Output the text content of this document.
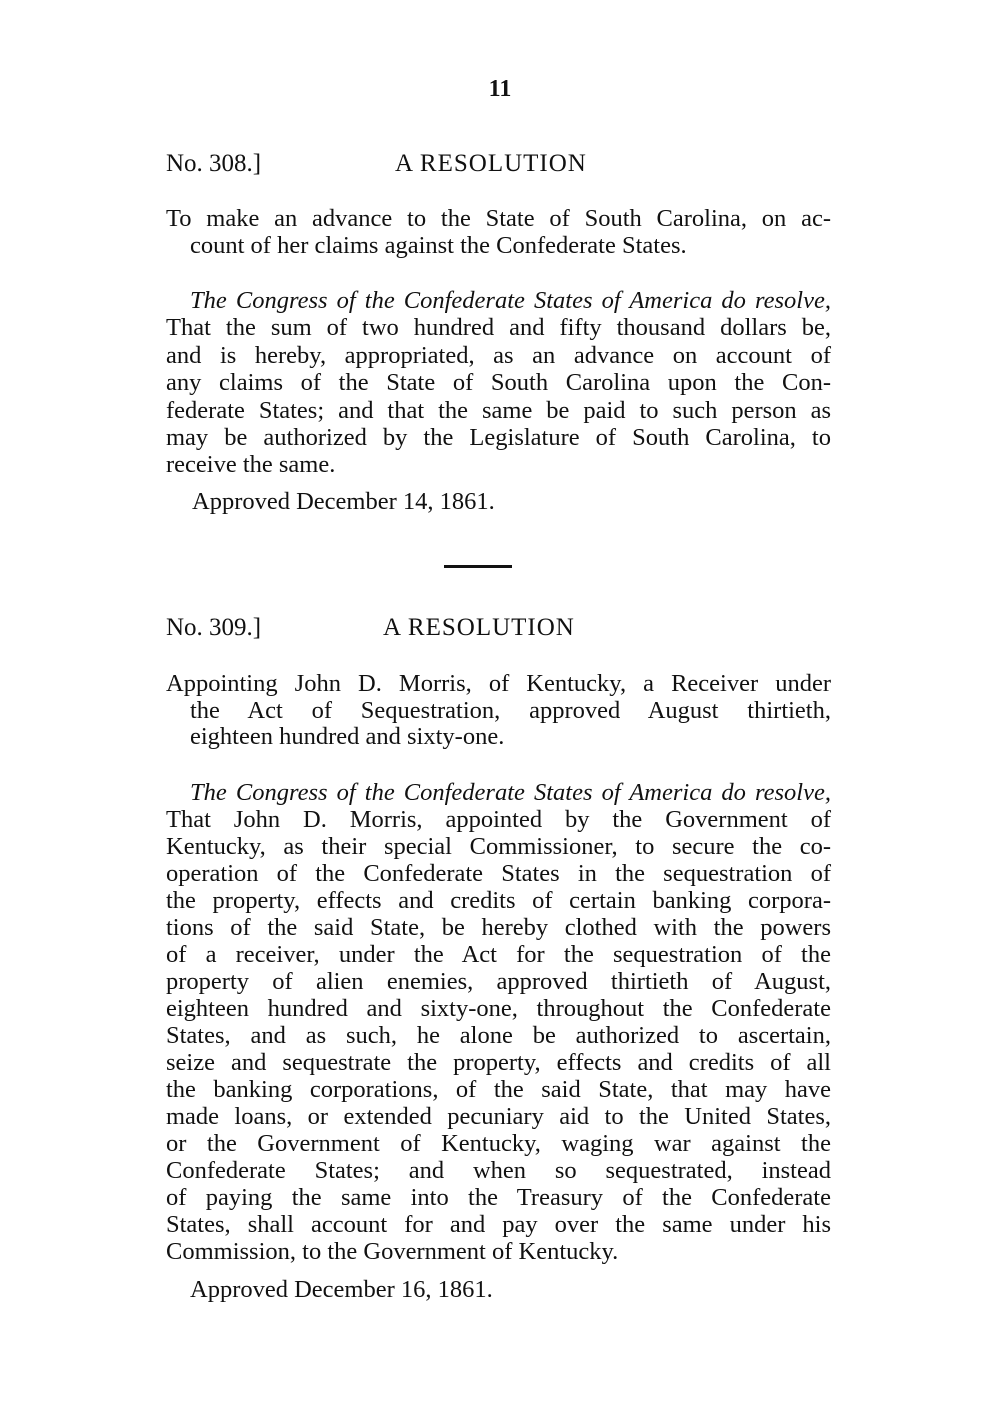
11
No. 308.]	A RESOLUTION
To make an advance to the State of South Carolina, on ac-
count of her claims against the Confederate States.
The Congress of the Confederate States of America do resolve,
That the sum of two hundred and fifty thousand dollars be,
and is hereby, appropriated, as an advance on account of
any claims of the State of South Carolina upon the Con-
federate States; and that the same be paid to such person as
may be authorized by the Legislature of South Carolina, to
receive the same.
Approved December 14, 1861.
No. 309.]	A RESOLUTION
Appointing John D. Morris, of Kentucky, a Receiver under
the Act of Sequestration, approved August thirtieth,
eighteen hundred and sixty-one.
The Congress of the Confederate States of America do resolve,
That John D. Morris, appointed by the Government of
Kentucky, as their special Commissioner, to secure the co-
operation of the Confederate States in the sequestration of
the property, effects and credits of certain banking corpora-
tions of the said State, be hereby clothed with the powers
of a receiver, under the Act for the sequestration of the
property of alien enemies, approved thirtieth of August,
eighteen hundred and sixty-one, throughout the Confederate
States, and as such, he alone be authorized to ascertain,
seize and sequestrate the property, effects and credits of all
the banking corporations, of the said State, that may have
made loans, or extended pecuniary aid to the United States,
or the Government of Kentucky, waging war against the
Confederate States; and when so sequestrated, instead
of paying the same into the Treasury of the Confederate
States, shall account for and pay over the same under his
Commission, to the Government of Kentucky.
Approved December 16, 1861.
